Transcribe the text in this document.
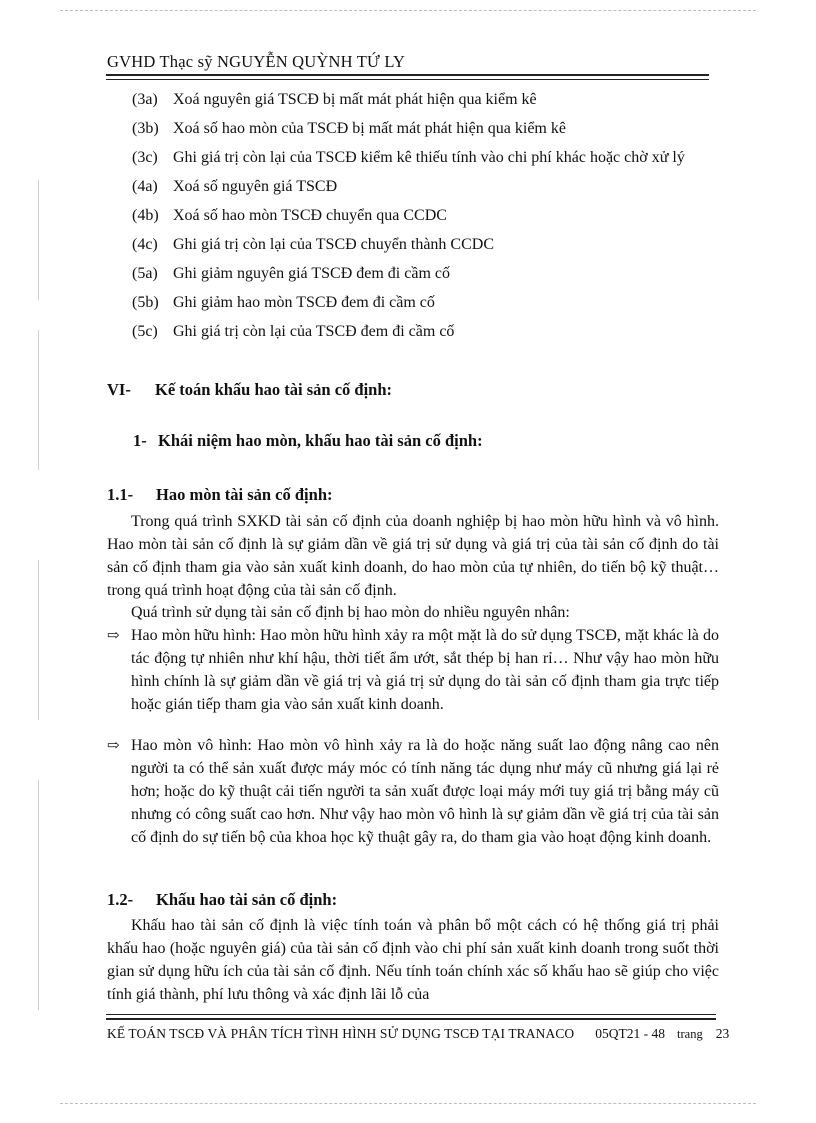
GVHD Thạc sỹ NGUYỄN QUỲNH TỨ LY
(3a) Xoá nguyên giá TSCĐ bị mất mát phát hiện qua kiểm kê
(3b) Xoá số hao mòn của TSCĐ bị mất mát phát hiện qua kiểm kê
(3c) Ghi giá trị còn lại của TSCĐ kiểm kê thiếu tính vào chi phí khác hoặc chờ xử lý
(4a) Xoá số nguyên giá TSCĐ
(4b) Xoá số hao mòn TSCĐ chuyển qua CCDC
(4c) Ghi giá trị còn lại của TSCĐ chuyển thành CCDC
(5a) Ghi giảm nguyên giá TSCĐ đem đi cầm cố
(5b) Ghi giảm hao mòn TSCĐ đem đi cầm cố
(5c) Ghi giá trị còn lại của TSCĐ đem đi cầm cố
VI- Kế toán khấu hao tài sản cố định:
1- Khái niệm hao mòn, khấu hao tài sản cố định:
1.1- Hao mòn tài sản cố định:
Trong quá trình SXKD tài sản cố định của doanh nghiệp bị hao mòn hữu hình và vô hình. Hao mòn tài sản cố định là sự giảm dần về giá trị sử dụng và giá trị của tài sản cố định do tài sản cố định tham gia vào sản xuất kinh doanh, do hao mòn của tự nhiên, do tiến bộ kỹ thuật… trong quá trình hoạt động của tài sản cố định.
Quá trình sử dụng tài sản cố định bị hao mòn do nhiều nguyên nhân:
⇨ Hao mòn hữu hình: Hao mòn hữu hình xảy ra một mặt là do sử dụng TSCĐ, mặt khác là do tác động tự nhiên như khí hậu, thời tiết ẩm ướt, sắt thép bị han rỉ… Như vậy hao mòn hữu hình chính là sự giảm dần về giá trị và giá trị sử dụng do tài sản cố định tham gia trực tiếp hoặc gián tiếp tham gia vào sản xuất kinh doanh.
⇨ Hao mòn vô hình: Hao mòn vô hình xảy ra là do hoặc năng suất lao động nâng cao nên người ta có thể sản xuất được máy móc có tính năng tác dụng như máy cũ nhưng giá lại rẻ hơn; hoặc do kỹ thuật cải tiến người ta sản xuất được loại máy mới tuy giá trị bằng máy cũ nhưng có công suất cao hơn. Như vậy hao mòn vô hình là sự giảm dần về giá trị của tài sản cố định do sự tiến bộ của khoa học kỹ thuật gây ra, do tham gia vào hoạt động kinh doanh.
1.2- Khấu hao tài sản cố định:
Khấu hao tài sản cố định là việc tính toán và phân bổ một cách có hệ thống giá trị phải khấu hao (hoặc nguyên giá) của tài sản cố định vào chi phí sản xuất kinh doanh trong suốt thời gian sử dụng hữu ích của tài sản cố định. Nếu tính toán chính xác số khấu hao sẽ giúp cho việc tính giá thành, phí lưu thông và xác định lãi lỗ của
KẾ TOÁN TSCĐ VÀ PHÂN TÍCH TÌNH HÌNH SỬ DỤNG TSCĐ TẠI TRANACO 05QT21 - 48 trang 23
